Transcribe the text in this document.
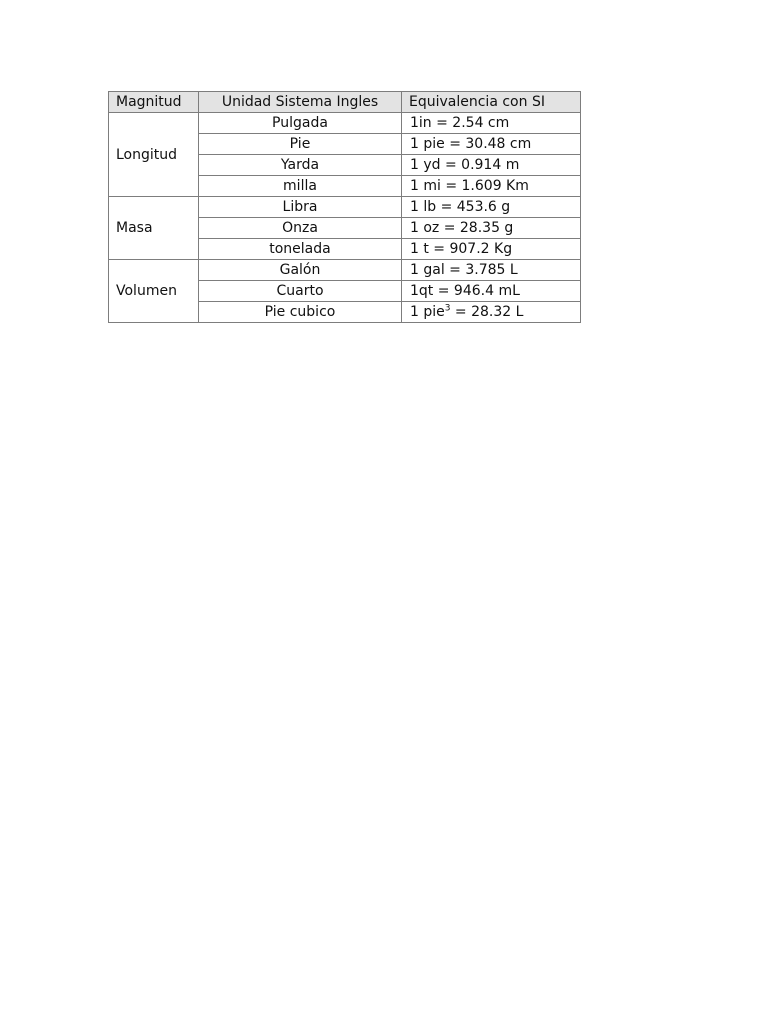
Magnitud	Unidad Sistema Ingles	Equivalencia con SI
Longitud	Pulgada	1in = 2.54 cm
	Pie	1 pie = 30.48 cm
	Yarda	1 yd = 0.914 m
	milla	1 mi = 1.609 Km
Masa	Libra	1 lb = 453.6 g
	Onza	1 oz = 28.35 g
	tonelada	1 t = 907.2 Kg
Volumen	Galón	1 gal = 3.785 L
	Cuarto	1qt = 946.4 mL
	Pie cubico	1 pie$^3$ = 28.32 L
